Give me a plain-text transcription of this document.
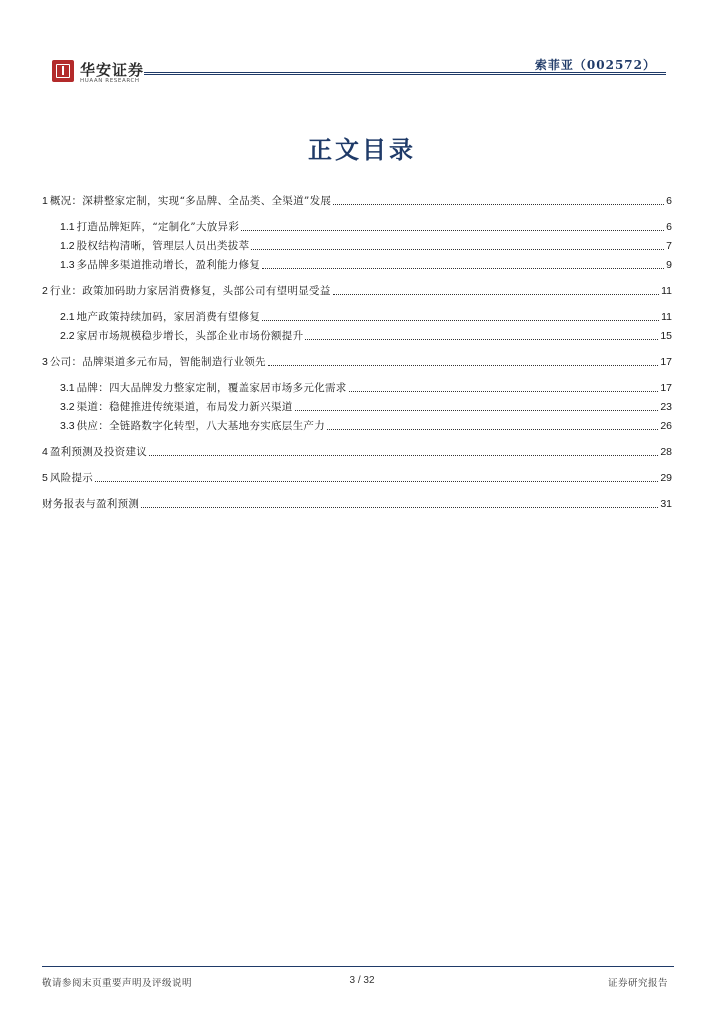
华安证券
HUAAN RESEARCH
索菲亚（002572）
正文目录
1 概况：深耕整家定制，实现“多品牌、全品类、全渠道”发展	6
1.1 打造品牌矩阵，“定制化”大放异彩	6
1.2 股权结构清晰，管理层人员出类拔萃	7
1.3 多品牌多渠道推动增长，盈利能力修复	9
2 行业：政策加码助力家居消费修复，头部公司有望明显受益	11
2.1 地产政策持续加码，家居消费有望修复	11
2.2 家居市场规模稳步增长，头部企业市场份额提升	15
3 公司：品牌渠道多元布局，智能制造行业领先	17
3.1 品牌：四大品牌发力整家定制，覆盖家居市场多元化需求	17
3.2 渠道：稳健推进传统渠道，布局发力新兴渠道	23
3.3 供应：全链路数字化转型，八大基地夯实底层生产力	26
4 盈利预测及投资建议	28
5 风险提示	29
财务报表与盈利预测	31
敬请参阅末页重要声明及评级说明	3 / 32	证券研究报告
